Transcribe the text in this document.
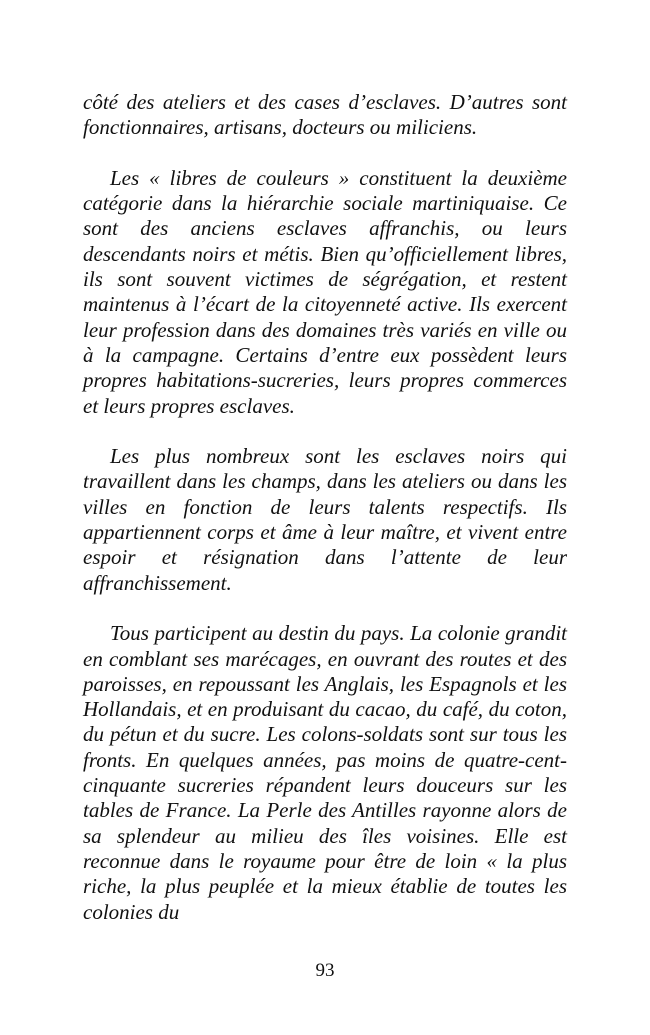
côté des ateliers et des cases d’esclaves. D’autres sont fonctionnaires, artisans, docteurs ou miliciens.

Les « libres de couleurs » constituent la deuxième catégorie dans la hiérarchie sociale martiniquaise. Ce sont des anciens esclaves affranchis, ou leurs descendants noirs et métis. Bien qu’officiellement libres, ils sont souvent victimes de ségrégation, et restent maintenus à l’écart de la citoyenneté active. Ils exercent leur profession dans des domaines très variés en ville ou à la campagne. Certains d’entre eux possèdent leurs propres habitations-sucreries, leurs propres commerces et leurs propres esclaves.

Les plus nombreux sont les esclaves noirs qui travaillent dans les champs, dans les ateliers ou dans les villes en fonction de leurs talents respectifs. Ils appartiennent corps et âme à leur maître, et vivent entre espoir et résignation dans l’attente de leur affranchissement.

Tous participent au destin du pays. La colonie grandit en comblant ses marécages, en ouvrant des routes et des paroisses, en repoussant les Anglais, les Espagnols et les Hollandais, et en produisant du cacao, du café, du coton, du pétun et du sucre. Les colons-soldats sont sur tous les fronts. En quelques années, pas moins de quatre-cent-cinquante sucreries répandent leurs douceurs sur les tables de France. La Perle des Antilles rayonne alors de sa splendeur au milieu des îles voisines. Elle est reconnue dans le royaume pour être de loin « la plus riche, la plus peuplée et la mieux établie de toutes les colonies du

93
